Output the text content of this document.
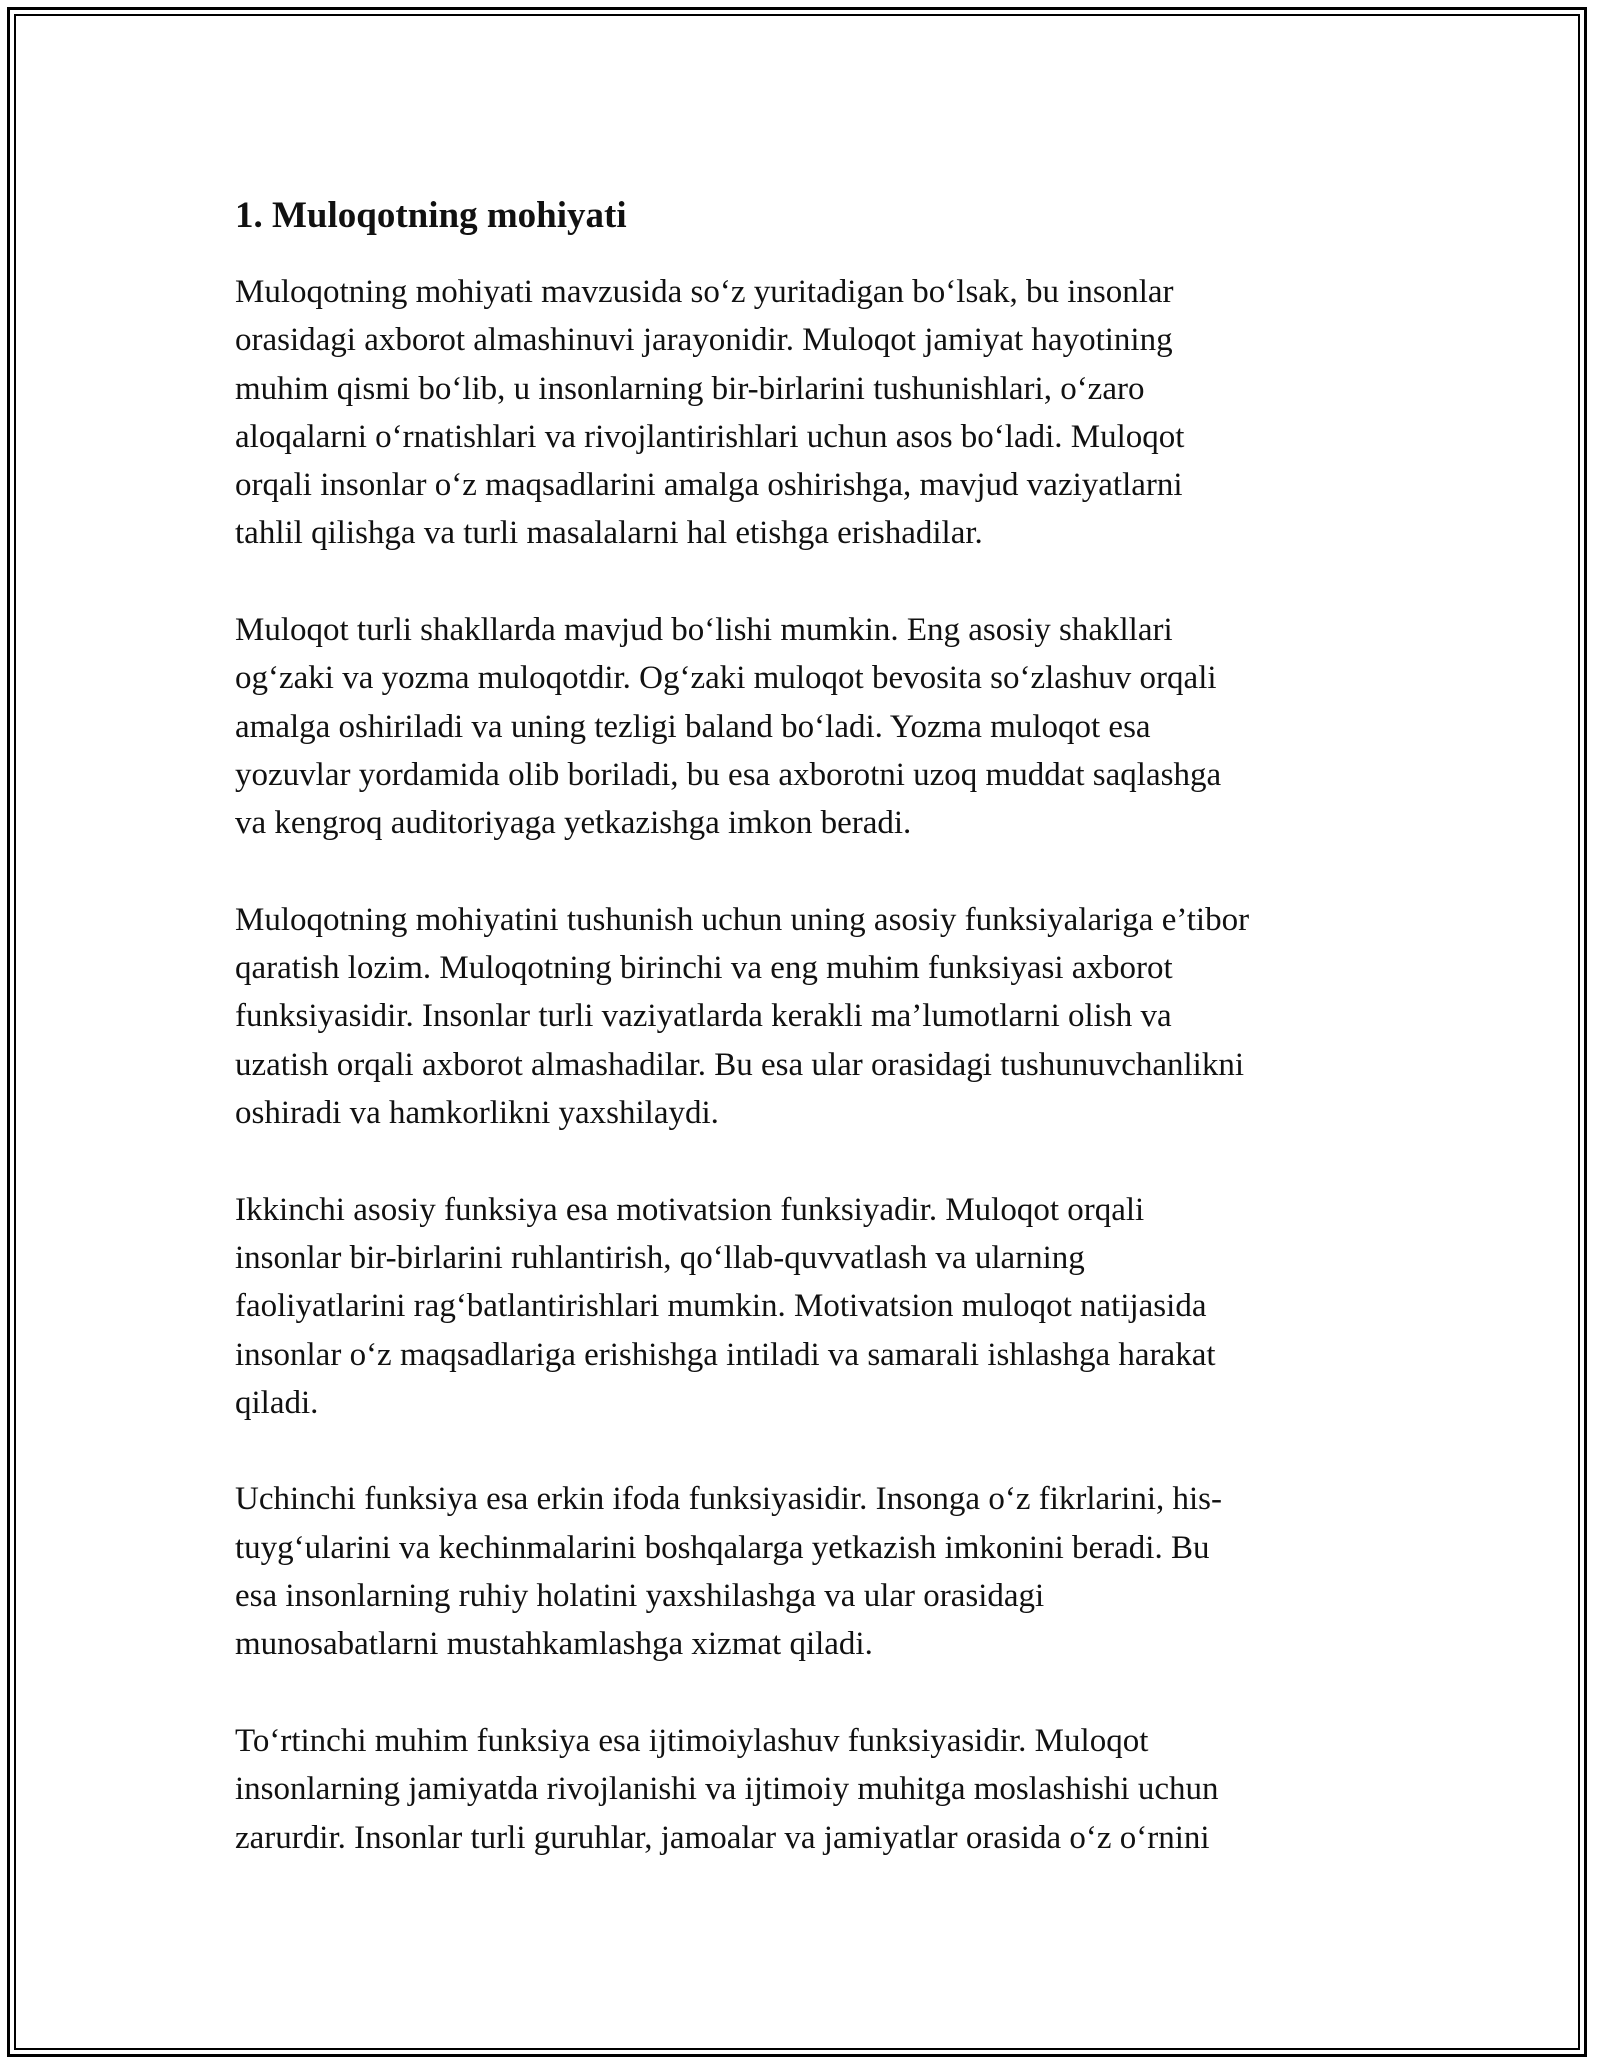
1. Muloqotning mohiyati
Muloqotning mohiyati mavzusida so‘z yuritadigan bo‘lsak, bu insonlar
orasidagi axborot almashinuvi jarayonidir. Muloqot jamiyat hayotining
muhim qismi bo‘lib, u insonlarning bir-birlarini tushunishlari, o‘zaro
aloqalarni o‘rnatishlari va rivojlantirishlari uchun asos bo‘ladi. Muloqot
orqali insonlar o‘z maqsadlarini amalga oshirishga, mavjud vaziyatlarni
tahlil qilishga va turli masalalarni hal etishga erishadilar.
Muloqot turli shakllarda mavjud bo‘lishi mumkin. Eng asosiy shakllari
og‘zaki va yozma muloqotdir. Og‘zaki muloqot bevosita so‘zlashuv orqali
amalga oshiriladi va uning tezligi baland bo‘ladi. Yozma muloqot esa
yozuvlar yordamida olib boriladi, bu esa axborotni uzoq muddat saqlashga
va kengroq auditoriyaga yetkazishga imkon beradi.
Muloqotning mohiyatini tushunish uchun uning asosiy funksiyalariga e’tibor
qaratish lozim. Muloqotning birinchi va eng muhim funksiyasi axborot
funksiyasidir. Insonlar turli vaziyatlarda kerakli ma’lumotlarni olish va
uzatish orqali axborot almashadilar. Bu esa ular orasidagi tushunuvchanlikni
oshiradi va hamkorlikni yaxshilaydi.
Ikkinchi asosiy funksiya esa motivatsion funksiyadir. Muloqot orqali
insonlar bir-birlarini ruhlantirish, qo‘llab-quvvatlash va ularning
faoliyatlarini rag‘batlantirishlari mumkin. Motivatsion muloqot natijasida
insonlar o‘z maqsadlariga erishishga intiladi va samarali ishlashga harakat
qiladi.
Uchinchi funksiya esa erkin ifoda funksiyasidir. Insonga o‘z fikrlarini, his-
tuyg‘ularini va kechinmalarini boshqalarga yetkazish imkonini beradi. Bu
esa insonlarning ruhiy holatini yaxshilashga va ular orasidagi
munosabatlarni mustahkamlashga xizmat qiladi.
To‘rtinchi muhim funksiya esa ijtimoiylashuv funksiyasidir. Muloqot
insonlarning jamiyatda rivojlanishi va ijtimoiy muhitga moslashishi uchun
zarurdir. Insonlar turli guruhlar, jamoalar va jamiyatlar orasida o‘z o‘rnini
